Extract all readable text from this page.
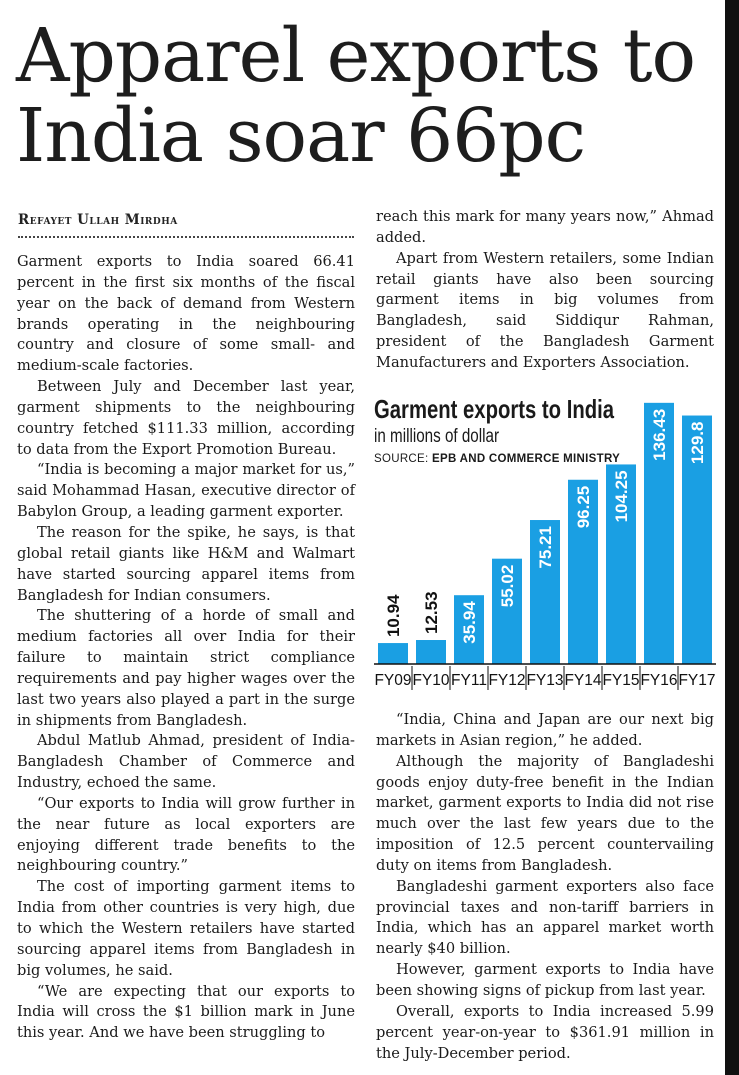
Apparel exports to India soar 66pc
Refayet Ullah Mirdha

Garment exports to India soared 66.41 percent in the first six months of the fiscal year on the back of demand from Western brands operating in the neighbouring country and closure of some small- and medium-scale factories.

Between July and December last year, garment shipments to the neighbouring country fetched $111.33 million, according to data from the Export Promotion Bureau.

“India is becoming a major market for us,” said Mohammad Hasan, executive director of Babylon Group, a leading garment exporter.

The reason for the spike, he says, is that global retail giants like H&M and Walmart have started sourcing apparel items from Bangladesh for Indian consumers.

The shuttering of a horde of small and medium factories all over India for their failure to maintain strict compliance requirements and pay higher wages over the last two years also played a part in the surge in shipments from Bangladesh.

Abdul Matlub Ahmad, president of India-Bangladesh Chamber of Commerce and Industry, echoed the same.

“Our exports to India will grow further in the near future as local exporters are enjoying different trade benefits to the neighbouring country.”

The cost of importing garment items to India from other countries is very high, due to which the Western retailers have started sourcing apparel items from Bangladesh in big volumes, he said.

“We are expecting that our exports to India will cross the $1 billion mark in June this year. And we have been struggling to

reach this mark for many years now,” Ahmad added.

Apart from Western retailers, some Indian retail giants have also been sourcing garment items in big volumes from Bangladesh, said Siddiqur Rahman, president of the Bangladesh Garment Manufacturers and Exporters Association.

10.94
FY09
12.53
FY10
35.94
FY11
55.02
FY12
75.21
FY13
96.25
FY14
104.25
FY15
136.43
FY16
129.8
FY17
Garment exports to India
in millions of dollar
SOURCE: EPB AND COMMERCE MINISTRY

“India, China and Japan are our next big markets in Asian region,” he added.

Although the majority of Bangladeshi goods enjoy duty-free benefit in the Indian market, garment exports to India did not rise much over the last few years due to the imposition of 12.5 percent countervailing duty on items from Bangladesh.

Bangladeshi garment exporters also face provincial taxes and non-tariff barriers in India, which has an apparel market worth nearly $40 billion.

However, garment exports to India have been showing signs of pickup from last year.

Overall, exports to India increased 5.99 percent year-on-year to $361.91 million in the July-December period.
